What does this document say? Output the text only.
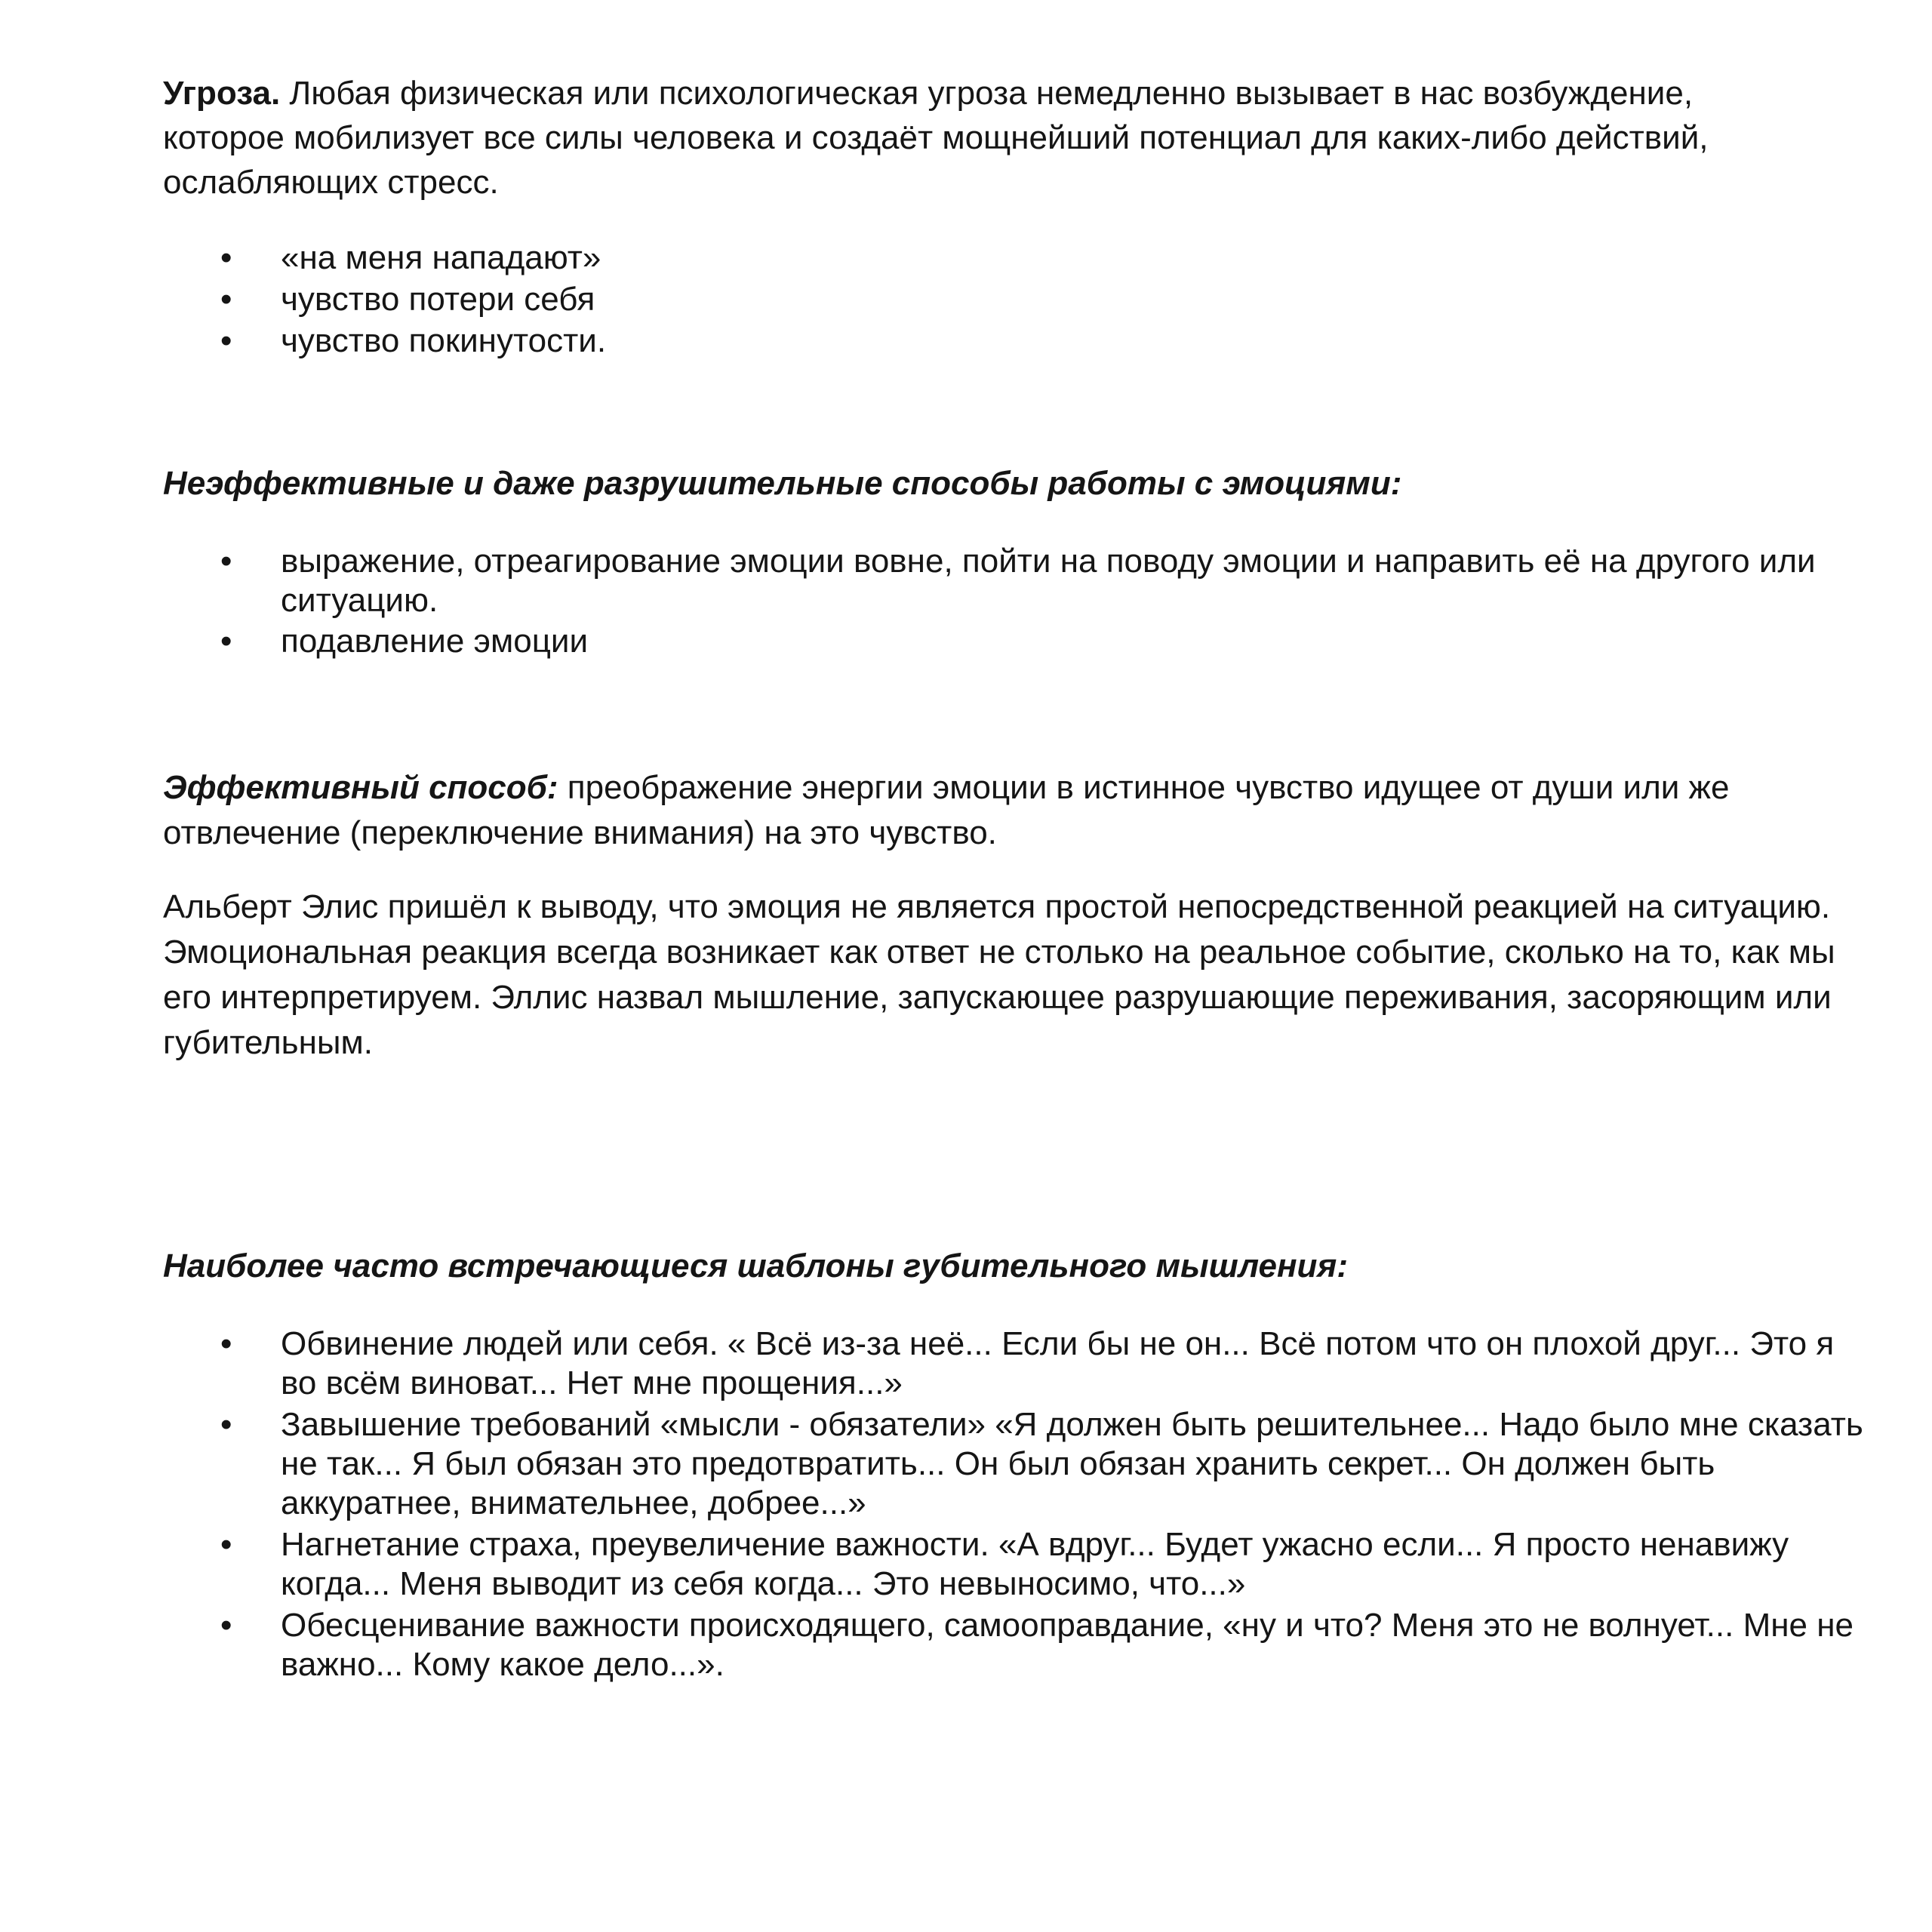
Угроза. Любая физическая или психологическая угроза немедленно вызывает в нас возбуждение, которое мобилизует все силы человека и создаёт мощнейший потенциал для каких-либо действий, ослабляющих стресс.

• «на меня нападают»
• чувство потери себя
• чувство покинутости.

Неэффективные и даже разрушительные способы работы с эмоциями:

• выражение, отреагирование эмоции вовне, пойти на поводу эмоции и направить её на другого или ситуацию.
• подавление эмоции

Эффективный способ: преображение энергии эмоции в истинное чувство идущее от души или же отвлечение (переключение внимания) на это чувство.

Альберт Элис пришёл к выводу, что эмоция не является простой непосредственной реакцией на ситуацию. Эмоциональная реакция всегда возникает как ответ не столько на реальное событие, сколько на то, как мы его интерпретируем. Эллис назвал мышление, запускающее разрушающие переживания, засоряющим или губительным.

Наиболее часто встречающиеся шаблоны губительного мышления:

• Обвинение людей или себя. « Всё из-за неё... Если бы не он... Всё потом что он плохой друг... Это я во всём виноват... Нет мне прощения...»
• Завышение требований «мысли - обязатели» «Я должен быть решительнее... Надо было мне сказать не так... Я был обязан это предотвратить... Он был обязан хранить секрет... Он должен быть аккуратнее, внимательнее, добрее...»
• Нагнетание страха, преувеличение важности. «А вдруг... Будет ужасно если... Я просто ненавижу когда... Меня выводит из себя когда... Это невыносимо, что...»
• Обесценивание важности происходящего, самооправдание, «ну и что? Меня это не волнует... Мне не важно... Кому какое дело...».
